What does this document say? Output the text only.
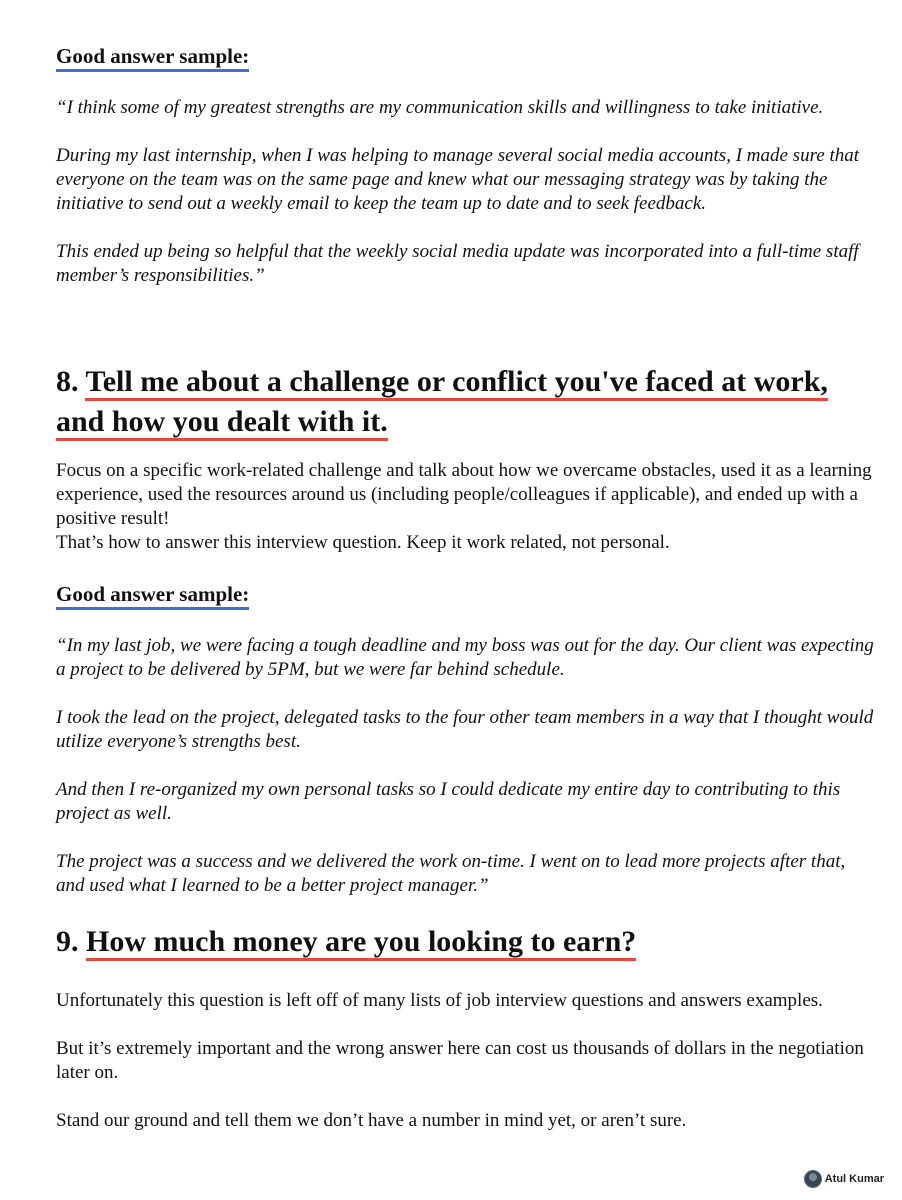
Good answer sample:

“I think some of my greatest strengths are my communication skills and willingness to take initiative.

During my last internship, when I was helping to manage several social media accounts, I made sure that everyone on the team was on the same page and knew what our messaging strategy was by taking the initiative to send out a weekly email to keep the team up to date and to seek feedback.

This ended up being so helpful that the weekly social media update was incorporated into a full-time staff member’s responsibilities.”

8. Tell me about a challenge or conflict you've faced at work,
and how you dealt with it.

Focus on a specific work-related challenge and talk about how we overcame obstacles, used it as a learning experience, used the resources around us (including people/colleagues if applicable), and ended up with a positive result!

That’s how to answer this interview question. Keep it work related, not personal.

Good answer sample:

“In my last job, we were facing a tough deadline and my boss was out for the day. Our client was expecting a project to be delivered by 5PM, but we were far behind schedule.

I took the lead on the project, delegated tasks to the four other team members in a way that I thought would utilize everyone’s strengths best.

And then I re-organized my own personal tasks so I could dedicate my entire day to contributing to this project as well.

The project was a success and we delivered the work on-time. I went on to lead more projects after that, and used what I learned to be a better project manager.”

9. How much money are you looking to earn?

Unfortunately this question is left off of many lists of job interview questions and answers examples.

But it’s extremely important and the wrong answer here can cost us thousands of dollars in the negotiation later on.

Stand our ground and tell them we don’t have a number in mind yet, or aren’t sure.

Atul Kumar
